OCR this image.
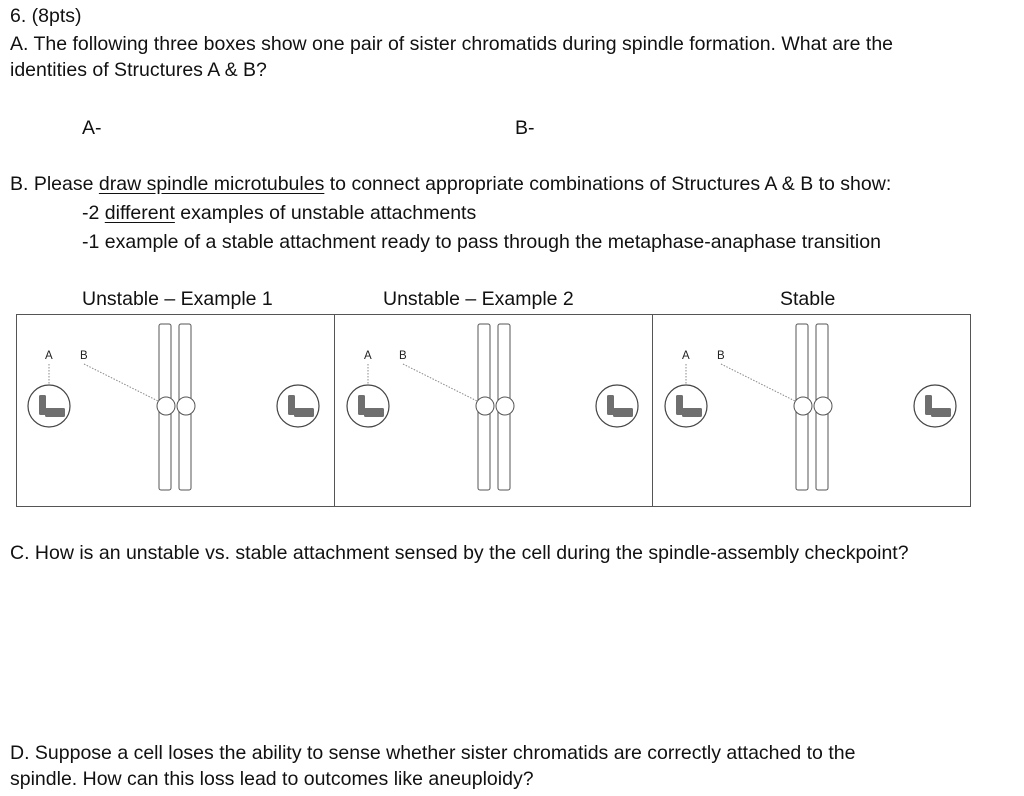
6. (8pts)
A. The following three boxes show one pair of sister chromatids during spindle formation. What are the
identities of Structures A & B?
A-	B-
B. Please draw spindle microtubules to connect appropriate combinations of Structures A & B to show:
-2 different examples of unstable attachments
-1 example of a stable attachment ready to pass through the metaphase-anaphase transition
Unstable – Example 1	Unstable – Example 2	Stable
A B	A B	A B
C. How is an unstable vs. stable attachment sensed by the cell during the spindle-assembly checkpoint?
D. Suppose a cell loses the ability to sense whether sister chromatids are correctly attached to the
spindle. How can this loss lead to outcomes like aneuploidy?
